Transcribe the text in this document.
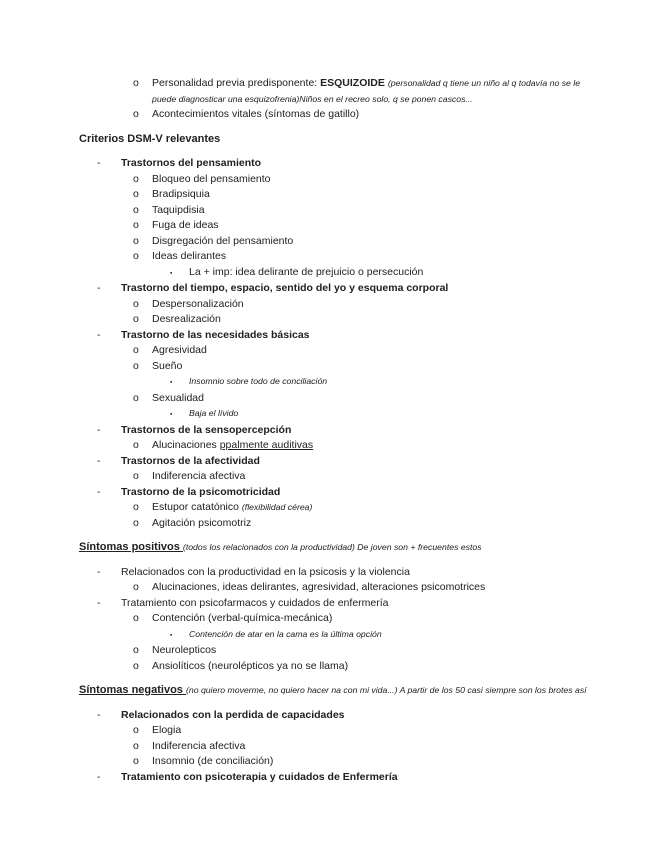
o	Personalidad previa predisponente: ESQUIZOIDE (personalidad q tiene un niño al q todavía no se le puede diagnosticar una esquizofrenia)Niños en el recreo solo, q se ponen cascos...
o	Acontecimientos vitales (síntomas de gatillo)
Criterios DSM-V relevantes
-	Trastornos del pensamiento
o	Bloqueo del pensamiento
o	Bradipsiquia
o	Taquipdisia
o	Fuga de ideas
o	Disgregación del pensamiento
o	Ideas delirantes
▪	La + imp: idea delirante de prejuicio o persecución
-	Trastorno del tiempo, espacio, sentido del yo y esquema corporal
o	Despersonalización
o	Desrealización
-	Trastorno de las necesidades básicas
o	Agresividad
o	Sueño
▪	Insomnio sobre todo de conciliación
o	Sexualidad
▪	Baja el lívido
-	Trastornos de la sensopercepción
o	Alucinaciones ppalmente auditivas
-	Trastornos de la afectividad
o	Indiferencia afectiva
-	Trastorno de la psicomotricidad
o	Estupor catatónico (flexibilidad cérea)
o	Agitación psicomotriz
Síntomas positivos (todos los relacionados con la productividad) De joven son + frecuentes estos
-	Relacionados con la productividad en la psicosis y la violencia
o	Alucinaciones, ideas delirantes, agresividad, alteraciones psicomotrices
-	Tratamiento con psicofarmacos y cuidados de enfermería
o	Contención (verbal-química-mecánica)
▪	Contención de atar en la cama es la última opción
o	Neurolepticos
o	Ansiolíticos (neurolépticos ya no se llama)
Síntomas negativos (no quiero moverme, no quiero hacer na con mi vida...) A partir de los 50 casi siempre son los brotes así
-	Relacionados con la perdida de capacidades
o	Elogia
o	Indiferencia afectiva
o	Insomnio (de conciliación)
-	Tratamiento con psicoterapia y cuidados de Enfermería
